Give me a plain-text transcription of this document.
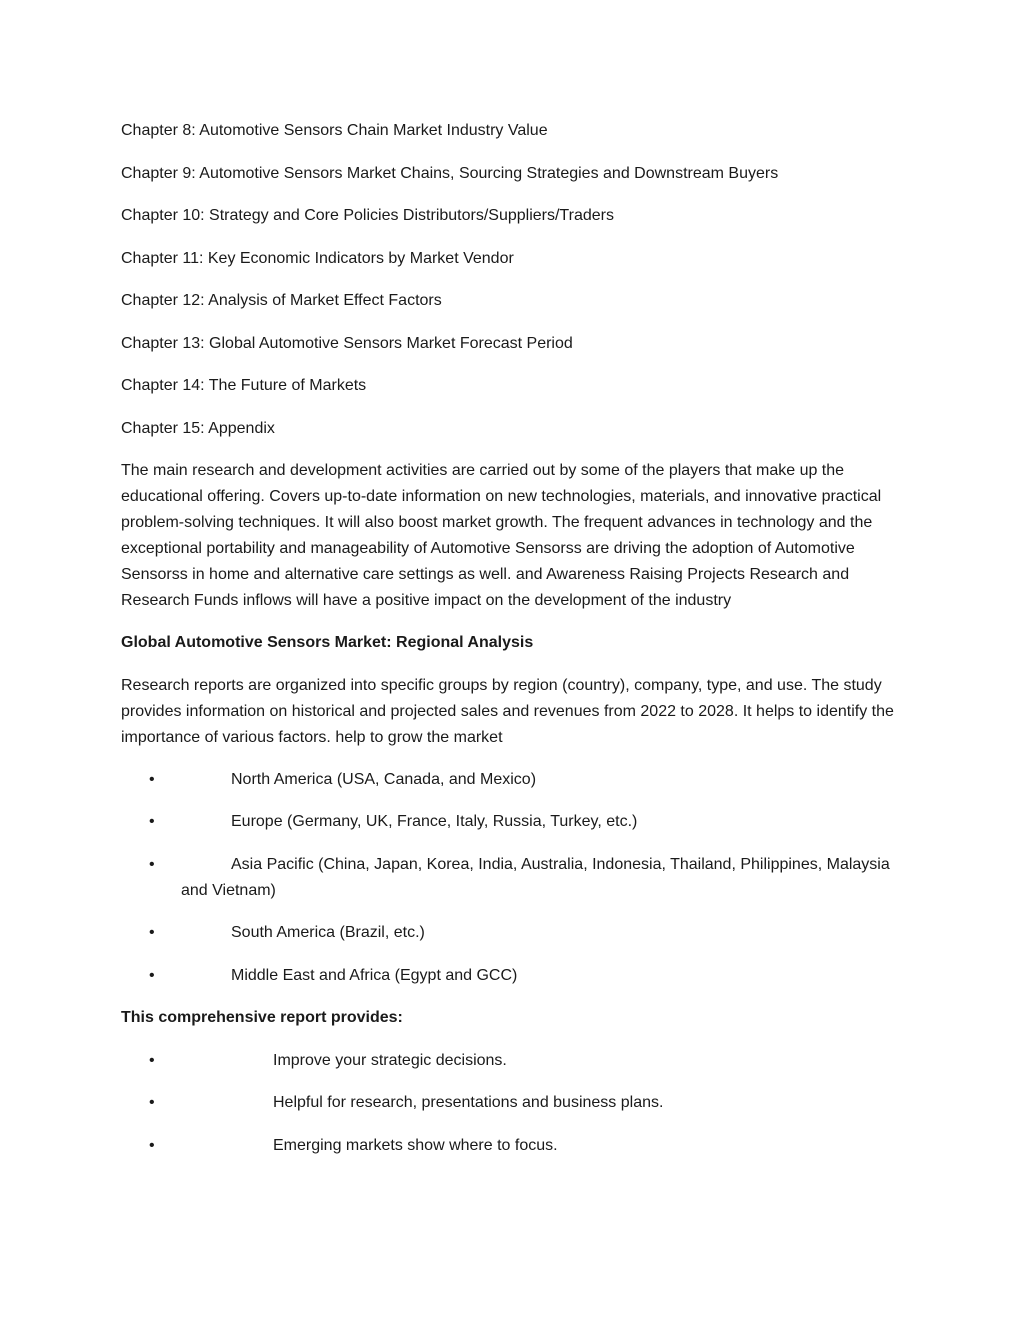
Chapter 8: Automotive Sensors Chain Market Industry Value

Chapter 9: Automotive Sensors Market Chains, Sourcing Strategies and Downstream Buyers

Chapter 10: Strategy and Core Policies Distributors/Suppliers/Traders

Chapter 11: Key Economic Indicators by Market Vendor

Chapter 12: Analysis of Market Effect Factors

Chapter 13: Global Automotive Sensors Market Forecast Period

Chapter 14: The Future of Markets

Chapter 15: Appendix

The main research and development activities are carried out by some of the players that make up the educational offering. Covers up-to-date information on new technologies, materials, and innovative practical problem-solving techniques. It will also boost market growth. The frequent advances in technology and the exceptional portability and manageability of Automotive Sensorss are driving the adoption of Automotive Sensorss in home and alternative care settings as well. and Awareness Raising Projects Research and Research Funds inflows will have a positive impact on the development of the industry

Global Automotive Sensors Market: Regional Analysis

Research reports are organized into specific groups by region (country), company, type, and use. The study provides information on historical and projected sales and revenues from 2022 to 2028. It helps to identify the importance of various factors. help to grow the market

•	North America (USA, Canada, and Mexico)
•	Europe (Germany, UK, France, Italy, Russia, Turkey, etc.)
•	Asia Pacific (China, Japan, Korea, India, Australia, Indonesia, Thailand, Philippines, Malaysia and Vietnam)
•	South America (Brazil, etc.)
•	Middle East and Africa (Egypt and GCC)

This comprehensive report provides:

•	Improve your strategic decisions.
•	Helpful for research, presentations and business plans.
•	Emerging markets show where to focus.
